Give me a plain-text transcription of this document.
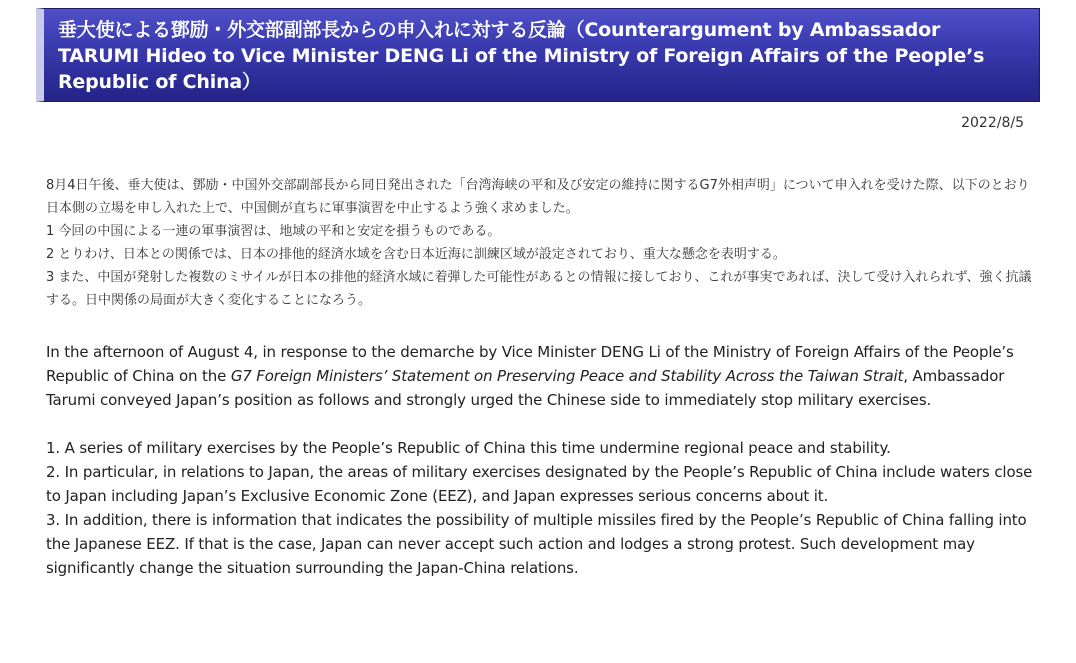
垂大使による鄧励・外交部副部長からの申入れに対する反論（Counterargument by Ambassador TARUMI Hideo to Vice Minister DENG Li of the Ministry of Foreign Affairs of the People’s Republic of China）
2022/8/5

8月4日午後、垂大使は、鄧励・中国外交部副部長から同日発出された「台湾海峡の平和及び安定の維持に関するG7外相声明」について申入れを受けた際、以下のとおり日本側の立場を申し入れた上で、中国側が直ちに軍事演習を中止するよう強く求めました。

1 今回の中国による一連の軍事演習は、地域の平和と安定を損うものである。

2 とりわけ、日本との関係では、日本の排他的経済水域を含む日本近海に訓練区域が設定されており、重大な懸念を表明する。

3 また、中国が発射した複数のミサイルが日本の排他的経済水域に着弾した可能性があるとの情報に接しており、これが事実であれば、決して受け入れられず、強く抗議する。日中関係の局面が大きく変化することになろう。

In the afternoon of August 4, in response to the demarche by Vice Minister DENG Li of the Ministry of Foreign Affairs of the People’s Republic of China on the G7 Foreign Ministers’ Statement on Preserving Peace and Stability Across the Taiwan Strait, Ambassador Tarumi conveyed Japan’s position as follows and strongly urged the Chinese side to immediately stop military exercises.

1. A series of military exercises by the People’s Republic of China this time undermine regional peace and stability.

2. In particular, in relations to Japan, the areas of military exercises designated by the People’s Republic of China include waters close to Japan including Japan’s Exclusive Economic Zone (EEZ), and Japan expresses serious concerns about it.

3. In addition, there is information that indicates the possibility of multiple missiles fired by the People’s Republic of China falling into the Japanese EEZ. If that is the case, Japan can never accept such action and lodges a strong protest. Such development may significantly change the situation surrounding the Japan-China relations.
